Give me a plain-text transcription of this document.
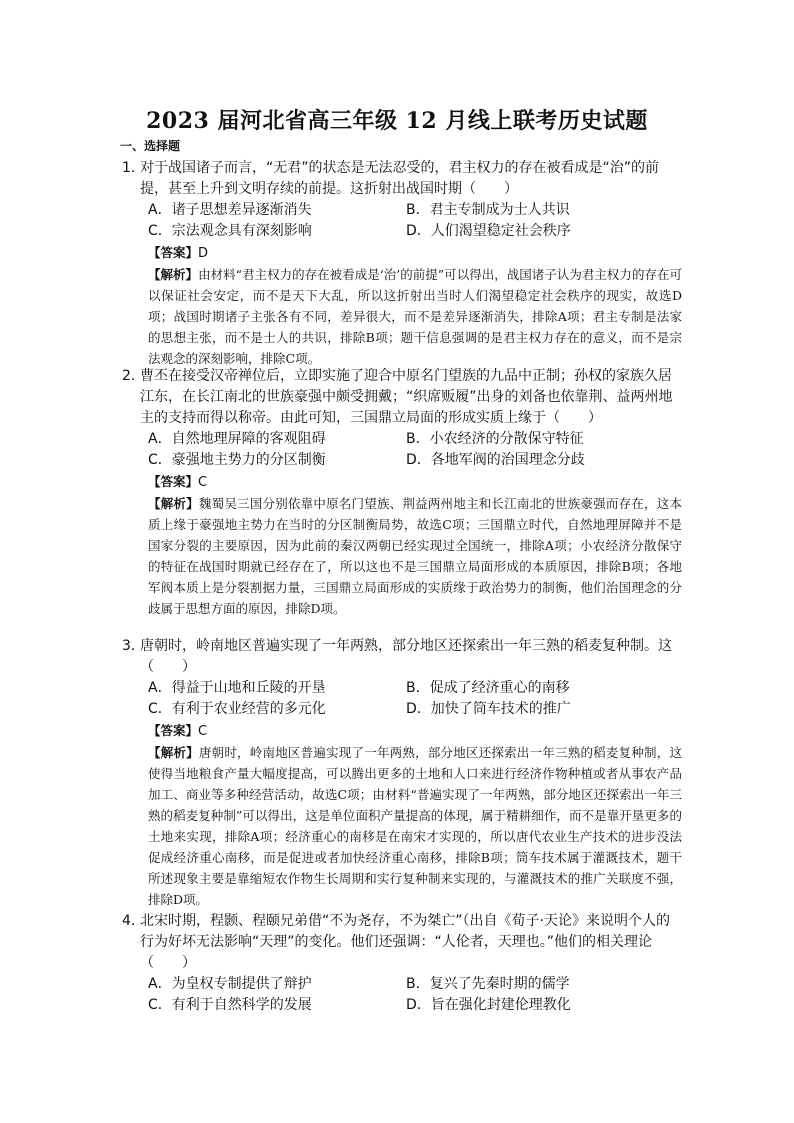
2023 届河北省高三年级 12 月线上联考历史试题
一、选择题

1．
对于战国诸子而言，“无君”的状态是无法忍受的，君主权力的存在被看成是“治”的前提，甚至上升到文明存续的前提。这折射出战国时期（　　）

A．诸子思想差异逐渐消失	B．君主专制成为士人共识
C．宗法观念具有深刻影响	D．人们渴望稳定社会秩序
【答案】D
【解析】由材料“君主权力的存在被看成是‘治’的前提”可以得出，战国诸子认为君主权力的存在可以保证社会安定，而不是天下大乱，所以这折射出当时人们渴望稳定社会秩序的现实，故选D项；战国时期诸子主张各有不同，差异很大，而不是差异逐渐消失，排除A项；君主专制是法家的思想主张，而不是士人的共识，排除B项；题干信息强调的是君主权力存在的意义，而不是宗法观念的深刻影响，排除C项。

2．
曹丕在接受汉帝禅位后，立即实施了迎合中原名门望族的九品中正制；孙权的家族久居江东，在长江南北的世族豪强中颇受拥戴；“织席贩履”出身的刘备也依靠荆、益两州地主的支持而得以称帝。由此可知，三国鼎立局面的形成实质上缘于（　　）

A．自然地理屏障的客观阻碍	B．小农经济的分散保守特征
C．豪强地主势力的分区制衡	D．各地军阀的治国理念分歧
【答案】C
【解析】魏蜀吴三国分别依靠中原名门望族、荆益两州地主和长江南北的世族豪强而存在，这本质上缘于豪强地主势力在当时的分区制衡局势，故选C项；三国鼎立时代，自然地理屏障并不是国家分裂的主要原因，因为此前的秦汉两朝已经实现过全国统一，排除A项；小农经济分散保守的特征在战国时期就已经存在了，所以这也不是三国鼎立局面形成的本质原因，排除B项；各地军阀本质上是分裂割据力量，三国鼎立局面形成的实质缘于政治势力的制衡，他们治国理念的分歧属于思想方面的原因，排除D项。

3．
唐朝时，岭南地区普遍实现了一年两熟，部分地区还探索出一年三熟的稻麦复种制。这（　　）

A．得益于山地和丘陵的开垦	B．促成了经济重心的南移
C．有利于农业经营的多元化	D．加快了筒车技术的推广
【答案】C
【解析】唐朝时，岭南地区普遍实现了一年两熟，部分地区还探索出一年三熟的稻麦复种制，这使得当地粮食产量大幅度提高，可以腾出更多的土地和人口来进行经济作物种植或者从事农产品加工、商业等多种经营活动，故选C项；由材料“普遍实现了一年两熟，部分地区还探索出一年三熟的稻麦复种制”可以得出，这是单位面积产量提高的体现，属于精耕细作，而不是靠开垦更多的土地来实现，排除A项；经济重心的南移是在南宋才实现的，所以唐代农业生产技术的进步没法促成经济重心南移，而是促进或者加快经济重心南移，排除B项；筒车技术属于灌溉技术，题干所述现象主要是靠缩短农作物生长周期和实行复种制来实现的，与灌溉技术的推广关联度不强，排除D项。

4．
北宋时期，程颢、程颐兄弟借“不为尧存，不为桀亡”（出自《荀子·天论》来说明个人的行为好坏无法影响“天理”的变化。他们还强调：“人伦者，天理也。”他们的相关理论（　　）

A．为皇权专制提供了辩护	B．复兴了先秦时期的儒学
C．有利于自然科学的发展	D．旨在强化封建伦理教化
